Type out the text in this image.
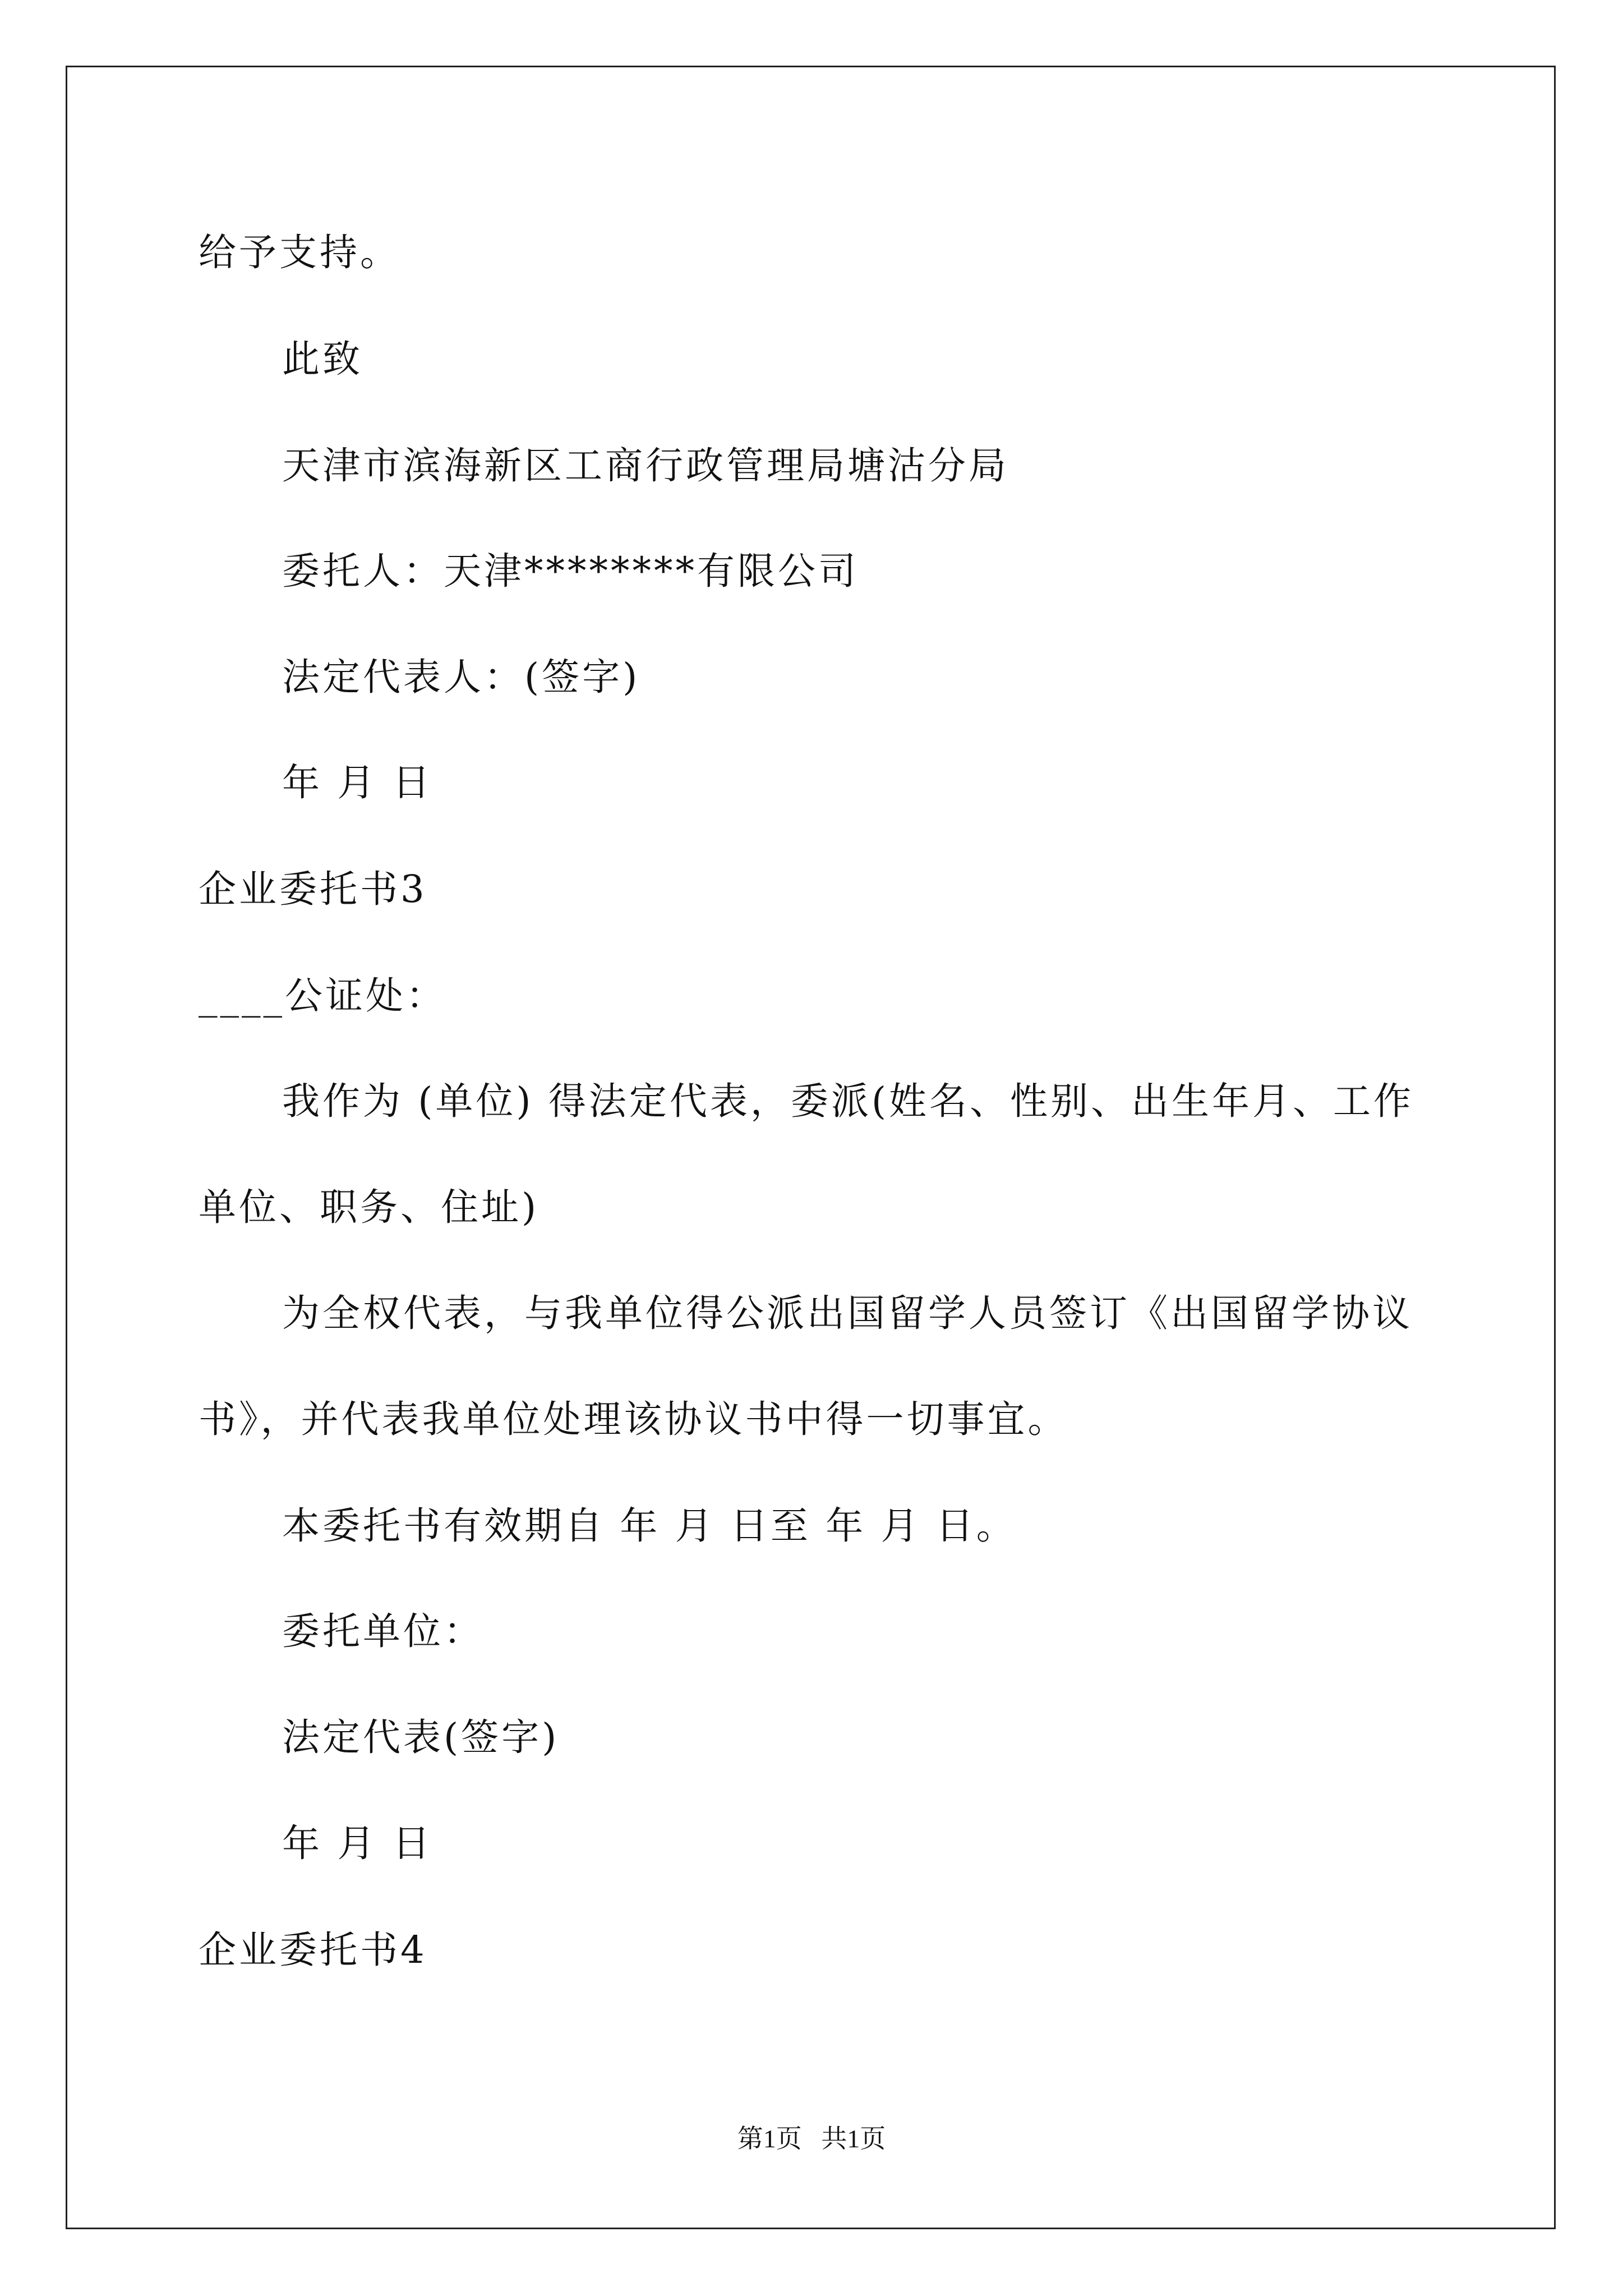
给予支持。
此致
天津市滨海新区工商行政管理局塘沽分局
委托人：天津********有限公司
法定代表人：(签字)
年 月 日
企业委托书3
____公证处：
我作为 (单位) 得法定代表，委派(姓名、性别、出生年月、工作
单位、职务、住址)
为全权代表，与我单位得公派出国留学人员签订《出国留学协议
书》，并代表我单位处理该协议书中得一切事宜。
本委托书有效期自 年 月 日至 年 月 日。
委托单位：
法定代表(签字)
年 月 日
企业委托书4
第1页   共1页
